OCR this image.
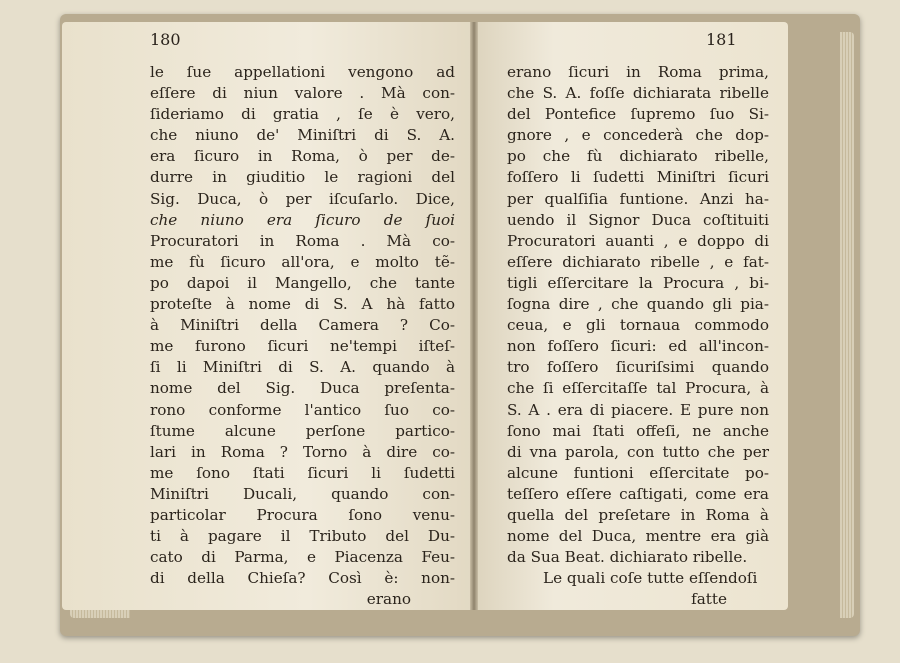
180	181
le ſue appellationi vengono ad
eſſere di niun valore . Mà con-
ſideriamo di gratia , ſe è vero,
che niuno de' Miniſtri di S. A.
era ſicuro in Roma, ò per de-
durre in giuditio le ragioni del
Sig. Duca, ò per iſcuſarlo. Dice,
che niuno era ſicuro de ſuoi
Procuratori in Roma . Mà co-
me fù ſicuro all'ora, e molto tẽ-
po dapoi il Mangello, che tante
proteſte à nome di S. A hà fatto
à Miniſtri della Camera ? Co-
me furono ſicuri ne'tempi iſteſ-
ſi li Miniſtri di S. A. quando à
nome del Sig. Duca preſenta-
rono conforme l'antico ſuo co-
ſtume alcune perſone partico-
lari in Roma ? Torno à dire co-
me ſono ſtati ſicuri li ſudetti
Miniſtri Ducali, quando con-
particolar Procura ſono venu-
ti à pagare il Tributo del Du-
cato di Parma, e Piacenza Feu-
di della Chieſa? Così è: non-
erano
erano ſicuri in Roma prima,
che S. A. foſſe dichiarata ribelle
del Pontefice ſupremo ſuo Si-
gnore , e concederà che dop-
po che fù dichiarato ribelle,
foſſero li ſudetti Miniſtri ſicuri
per qualſiſia funtione. Anzi ha-
uendo il Signor Duca coſtituiti
Procuratori auanti , e doppo di
eſſere dichiarato ribelle , e fat-
tigli eſſercitare la Procura , bi-
ſogna dire , che quando gli pia-
ceua, e gli tornaua commodo
non foſſero ſicuri: ed all'incon-
tro foſſero ſicuriſsimi quando
che ſi eſſercitaſſe tal Procura, à
S. A . era di piacere. E pure non
ſono mai ſtati offeſi, ne anche
di vna parola, con tutto che per
alcune funtioni eſſercitate po-
teſſero eſſere caſtigati, come era
quella del preſetare in Roma à
nome del Duca, mentre era già
da Sua Beat. dichiarato ribelle.
Le quali coſe tutte eſſendoſi
fatte
